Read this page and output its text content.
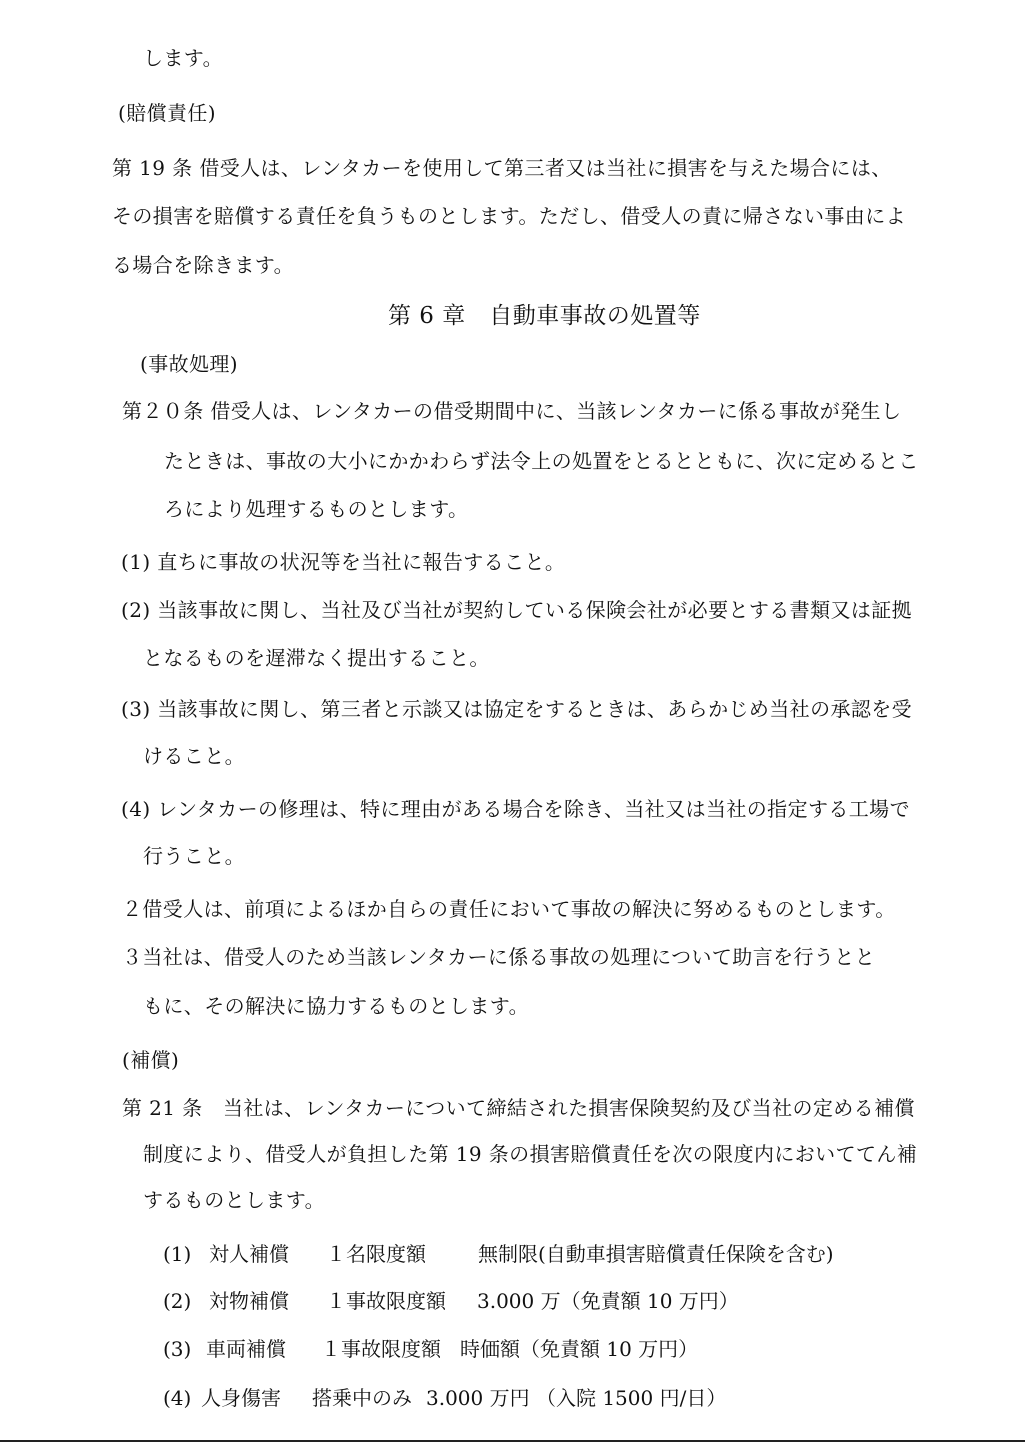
します。
(賠償責任)
第 19 条 借受人は、レンタカーを使用して第三者又は当社に損害を与えた場合には、
その損害を賠償する責任を負うものとします。ただし、借受人の責に帰さない事由によ
る場合を除きます。
第 6 章　自動車事故の処置等
(事故処理)
第２０条 借受人は、レンタカーの借受期間中に、当該レンタカーに係る事故が発生し
たときは、事故の大小にかかわらず法令上の処置をとるとともに、次に定めるとこ
ろにより処理するものとします。
(1) 直ちに事故の状況等を当社に報告すること。
(2) 当該事故に関し、当社及び当社が契約している保険会社が必要とする書類又は証拠
となるものを遅滞なく提出すること。
(3) 当該事故に関し、第三者と示談又は協定をするときは、あらかじめ当社の承認を受
けること。
(4) レンタカーの修理は、特に理由がある場合を除き、当社又は当社の指定する工場で
行うこと。
２借受人は、前項によるほか自らの責任において事故の解決に努めるものとします。
３当社は、借受人のため当該レンタカーに係る事故の処理について助言を行うとと
もに、その解決に協力するものとします。
(補償)
第 21 条　当社は、レンタカーについて締結された損害保険契約及び当社の定める補償
制度により、借受人が負担した第 19 条の損害賠償責任を次の限度内においててん補
するものとします。
(1) 対人補償 １名限度額	無制限(自動車損害賠償責任保険を含む)
(2) 対物補償 １事故限度額 3.000 万（免責額 10 万円）
(3) 車両補償 １事故限度額 時価額（免責額 10 万円）
(4) 人身傷害 搭乗中のみ 3.000 万円 （入院 1500 円/日）
